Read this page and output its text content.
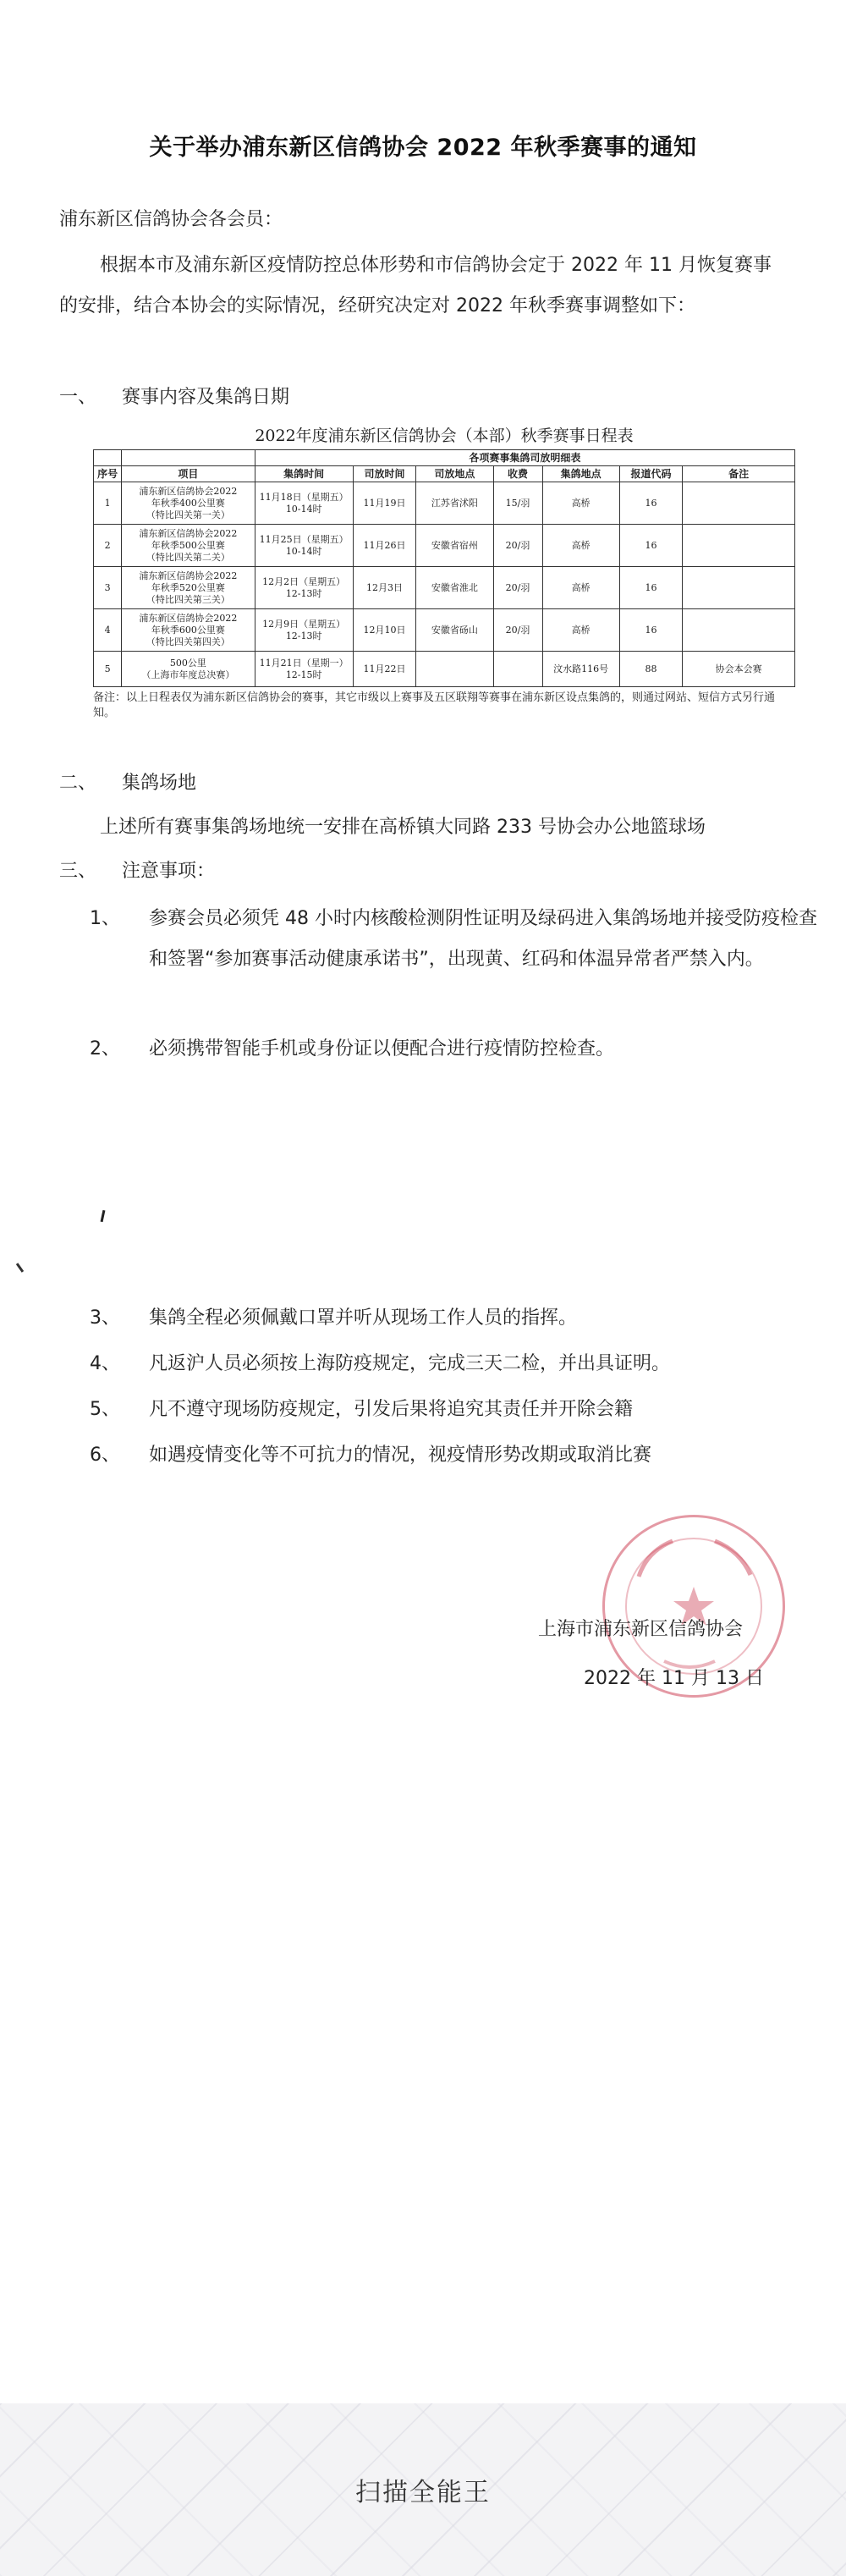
关于举办浦东新区信鸽协会 2022 年秋季赛事的通知
浦东新区信鸽协会各会员：
根据本市及浦东新区疫情防控总体形势和市信鸽协会定于 2022 年 11 月恢复赛事的安排，结合本协会的实际情况，经研究决定对 2022 年秋季赛事调整如下：
一、 赛事内容及集鸽日期
2022年度浦东新区信鸽协会（本部）秋季赛事日程表
		各项赛事集鸽司放明细表						
序号	项目	集鸽时间	司放时间	司放地点	收费	集鸽地点	报道代码	备注
1	浦东新区信鸽协会2022
年秋季400公里赛
（特比四关第一关）	11月18日（星期五）
10-14时	11月19日	江苏省沭阳	15/羽	高桥	16	
2	浦东新区信鸽协会2022
年秋季500公里赛
（特比四关第二关）	11月25日（星期五）
10-14时	11月26日	安徽省宿州	20/羽	高桥	16	
3	浦东新区信鸽协会2022
年秋季520公里赛
（特比四关第三关）	12月2日（星期五）
12-13时	12月3日	安徽省淮北	20/羽	高桥	16	
4	浦东新区信鸽协会2022
年秋季600公里赛
（特比四关第四关）	12月9日（星期五）
12-13时	12月10日	安徽省砀山	20/羽	高桥	16	
5	500公里
（上海市年度总决赛）	11月21日（星期一）
12-15时	11月22日			汶水路116号	88	协会本会赛
备注：以上日程表仅为浦东新区信鸽协会的赛事，其它市级以上赛事及五区联翔等赛事在浦东新区设点集鸽的，则通过网站、短信方式另行通知。
二、 集鸽场地
上述所有赛事集鸽场地统一安排在高桥镇大同路 233 号协会办公地篮球场
三、 注意事项：
1、 参赛会员必须凭 48 小时内核酸检测阴性证明及绿码进入集鸽场地并接受防疫检查和签署“参加赛事活动健康承诺书”，出现黄、红码和体温异常者严禁入内。
2、 必须携带智能手机或身份证以便配合进行疫情防控检查。
3、 集鸽全程必须佩戴口罩并听从现场工作人员的指挥。
4、 凡返沪人员必须按上海防疫规定，完成三天二检，并出具证明。
5、 凡不遵守现场防疫规定，引发后果将追究其责任并开除会籍
6、 如遇疫情变化等不可抗力的情况，视疫情形势改期或取消比赛
上海市浦东新区信鸽协会
2022 年 11 月 13 日
扫描全能王
